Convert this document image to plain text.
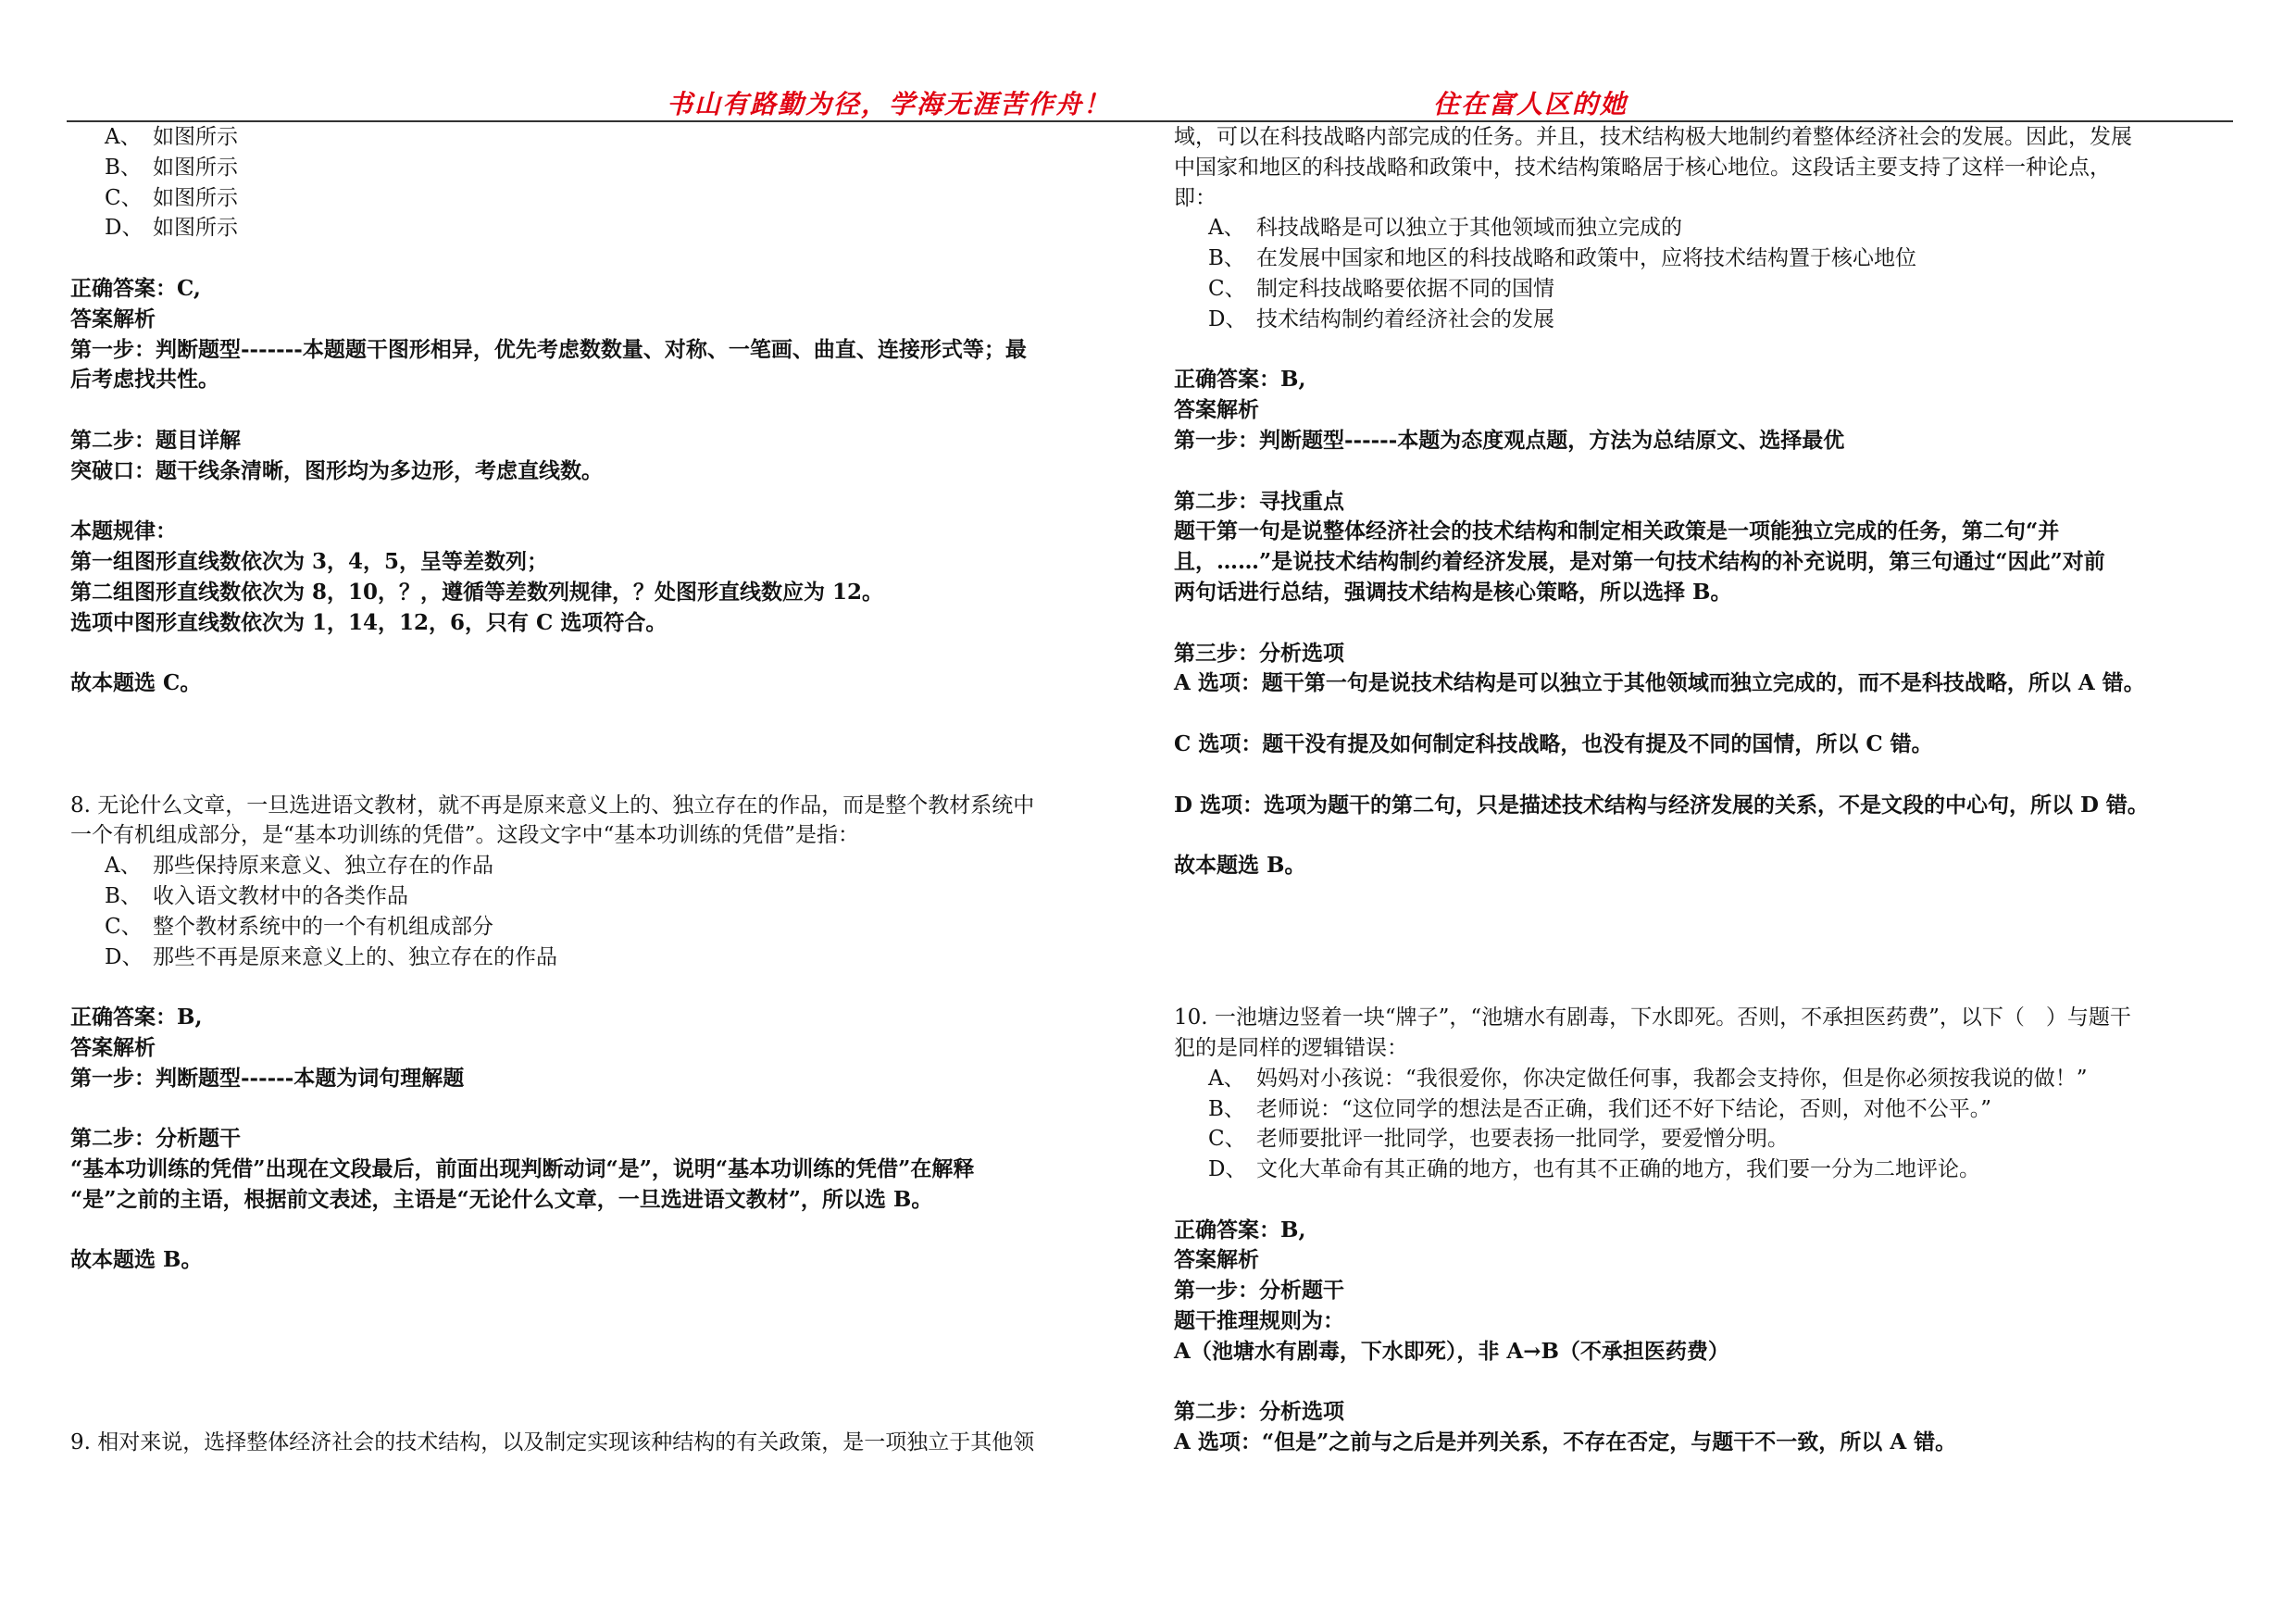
书山有路勤为径，学海无涯苦作舟！	住在富人区的她
A、 如图所示
B、 如图所示
C、 如图所示
D、 如图所示
正确答案：C,
答案解析
第一步：判断题型-------本题题干图形相异，优先考虑数数量、对称、一笔画、曲直、连接形式等；最
后考虑找共性。
第二步：题目详解
突破口：题干线条清晰，图形均为多边形，考虑直线数。
本题规律：
第一组图形直线数依次为 3，4，5，呈等差数列；
第二组图形直线数依次为 8，10，？，遵循等差数列规律，？处图形直线数应为 12。
选项中图形直线数依次为 1，14，12，6，只有 C 选项符合。
故本题选 C。
8. 无论什么文章，一旦选进语文教材，就不再是原来意义上的、独立存在的作品，而是整个教材系统中
一个有机组成部分，是“基本功训练的凭借”。这段文字中“基本功训练的凭借”是指：
A、 那些保持原来意义、独立存在的作品
B、 收入语文教材中的各类作品
C、 整个教材系统中的一个有机组成部分
D、 那些不再是原来意义上的、独立存在的作品
正确答案：B,
答案解析
第一步：判断题型------本题为词句理解题
第二步：分析题干
“基本功训练的凭借”出现在文段最后，前面出现判断动词“是”，说明“基本功训练的凭借”在解释
“是”之前的主语，根据前文表述，主语是“无论什么文章，一旦选进语文教材”，所以选 B。
故本题选 B。
9. 相对来说，选择整体经济社会的技术结构，以及制定实现该种结构的有关政策，是一项独立于其他领
域，可以在科技战略内部完成的任务。并且，技术结构极大地制约着整体经济社会的发展。因此，发展
中国家和地区的科技战略和政策中，技术结构策略居于核心地位。这段话主要支持了这样一种论点，
即：
A、 科技战略是可以独立于其他领域而独立完成的
B、 在发展中国家和地区的科技战略和政策中，应将技术结构置于核心地位
C、 制定科技战略要依据不同的国情
D、 技术结构制约着经济社会的发展
正确答案：B,
答案解析
第一步：判断题型------本题为态度观点题，方法为总结原文、选择最优
第二步：寻找重点
题干第一句是说整体经济社会的技术结构和制定相关政策是一项能独立完成的任务，第二句“并
且，……”是说技术结构制约着经济发展，是对第一句技术结构的补充说明，第三句通过“因此”对前
两句话进行总结，强调技术结构是核心策略，所以选择 B。
第三步：分析选项
A 选项：题干第一句是说技术结构是可以独立于其他领域而独立完成的，而不是科技战略，所以 A 错。
C 选项：题干没有提及如何制定科技战略，也没有提及不同的国情，所以 C 错。
D 选项：选项为题干的第二句，只是描述技术结构与经济发展的关系，不是文段的中心句，所以 D 错。
故本题选 B。
10. 一池塘边竖着一块“牌子”，“池塘水有剧毒，下水即死。否则，不承担医药费”，以下（　）与题干
犯的是同样的逻辑错误：
A、 妈妈对小孩说：“我很爱你，你决定做任何事，我都会支持你，但是你必须按我说的做！”
B、 老师说：“这位同学的想法是否正确，我们还不好下结论，否则，对他不公平。”
C、 老师要批评一批同学，也要表扬一批同学，要爱憎分明。
D、 文化大革命有其正确的地方，也有其不正确的地方，我们要一分为二地评论。
正确答案：B,
答案解析
第一步：分析题干
题干推理规则为：
A（池塘水有剧毒，下水即死），非 A→B（不承担医药费）
第二步：分析选项
A 选项：“但是”之前与之后是并列关系，不存在否定，与题干不一致，所以 A 错。
